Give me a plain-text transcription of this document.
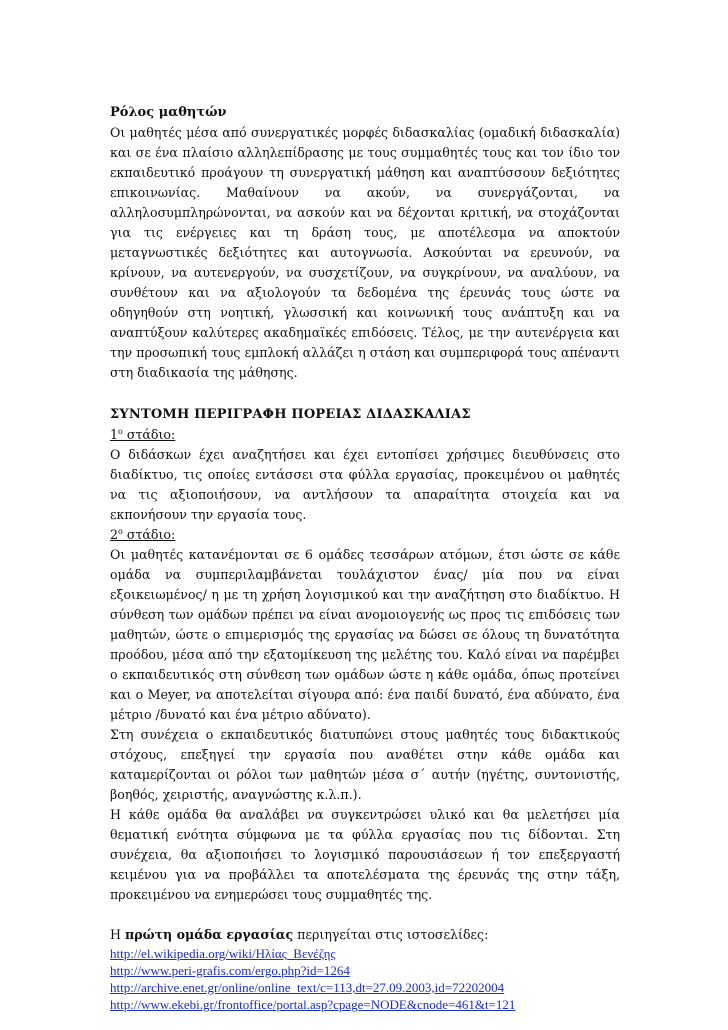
Ρόλος μαθητών

Οι μαθητές μέσα από συνεργατικές μορφές διδασκαλίας (ομαδική διδασκαλία) και σε ένα πλαίσιο αλληλεπίδρασης με τους συμμαθητές τους και τον ίδιο τον εκπαιδευτικό προάγουν τη συνεργατική μάθηση και αναπτύσσουν δεξιότητες επικοινωνίας. Μαθαίνουν να ακούν, να συνεργάζονται, να αλληλοσυμπληρώνονται, να ασκούν και να δέχονται κριτική, να στοχάζονται για τις ενέργειες και τη δράση τους, με αποτέλεσμα να αποκτούν μεταγνωστικές δεξιότητες και αυτογνωσία. Ασκούνται να ερευνούν, να κρίνουν, να αυτενεργούν, να συσχετίζουν, να συγκρίνουν, να αναλύουν, να συνθέτουν και να αξιολογούν τα δεδομένα της έρευνάς τους ώστε να οδηγηθούν στη νοητική, γλωσσική και κοινωνική τους ανάπτυξη και να αναπτύξουν καλύτερες ακαδημαϊκές επιδόσεις. Τέλος, με την αυτενέργεια και την προσωπική τους εμπλοκή αλλάζει η στάση και συμπεριφορά τους απέναντι στη διαδικασία της μάθησης.

ΣΥΝΤΟΜΗ ΠΕΡΙΓΡΑΦΗ ΠΟΡΕΙΑΣ ΔΙΔΑΣΚΑΛΙΑΣ

$1^o$ στάδιο:

Ο διδάσκων έχει αναζητήσει και έχει εντοπίσει χρήσιμες διευθύνσεις στο διαδίκτυο, τις οποίες εντάσσει στα φύλλα εργασίας, προκειμένου οι μαθητές να τις αξιοποιήσουν, να αντλήσουν τα απαραίτητα στοιχεία και να εκπονήσουν την εργασία τους.

$2^o$ στάδιο:

Οι μαθητές κατανέμονται σε 6 ομάδες τεσσάρων ατόμων, έτσι ώστε σε κάθε ομάδα να συμπεριλαμβάνεται τουλάχιστον ένας/ μία που να είναι εξοικειωμένος/ η με τη χρήση λογισμικού και την αναζήτηση στο διαδίκτυο. Η σύνθεση των ομάδων πρέπει να είναι ανομοιογενής ως προς τις επιδόσεις των μαθητών, ώστε ο επιμερισμός της εργασίας να δώσει σε όλους τη δυνατότητα προόδου, μέσα από την εξατομίκευση της μελέτης του. Καλό είναι να παρέμβει ο εκπαιδευτικός στη σύνθεση των ομάδων ώστε η κάθε ομάδα, όπως προτείνει και ο Meyer, να αποτελείται σίγουρα από: ένα παιδί δυνατό, ένα αδύνατο, ένα μέτριο /δυνατό και ένα μέτριο αδύνατο).

Στη συνέχεια ο εκπαιδευτικός διατυπώνει στους μαθητές τους διδακτικούς στόχους, επεξηγεί την εργασία που αναθέτει στην κάθε ομάδα και καταμερίζονται οι ρόλοι των μαθητών μέσα σ΄ αυτήν (ηγέτης, συντονιστής, βοηθός, χειριστής, αναγνώστης κ.λ.π.).

Η κάθε ομάδα θα αναλάβει να συγκεντρώσει υλικό και θα μελετήσει μία θεματική ενότητα σύμφωνα με τα φύλλα εργασίας που τις δίδονται. Στη συνέχεια, θα αξιοποιήσει το λογισμικό παρουσιάσεων ή τον επεξεργαστή κειμένου για να προβάλλει τα αποτελέσματα της έρευνάς της στην τάξη, προκειμένου να ενημερώσει τους συμμαθητές της.

Η πρώτη ομάδα εργασίας περιηγείται στις ιστοσελίδες:

http://el.wikipedia.org/wiki/Ηλίας_Βενέζης
http://www.peri-grafis.com/ergo.php?id=1264
http://archive.enet.gr/online/online_text/c=113,dt=27.09.2003,id=72202004
http://www.ekebi.gr/frontoffice/portal.asp?cpage=NODE&cnode=461&t=121
